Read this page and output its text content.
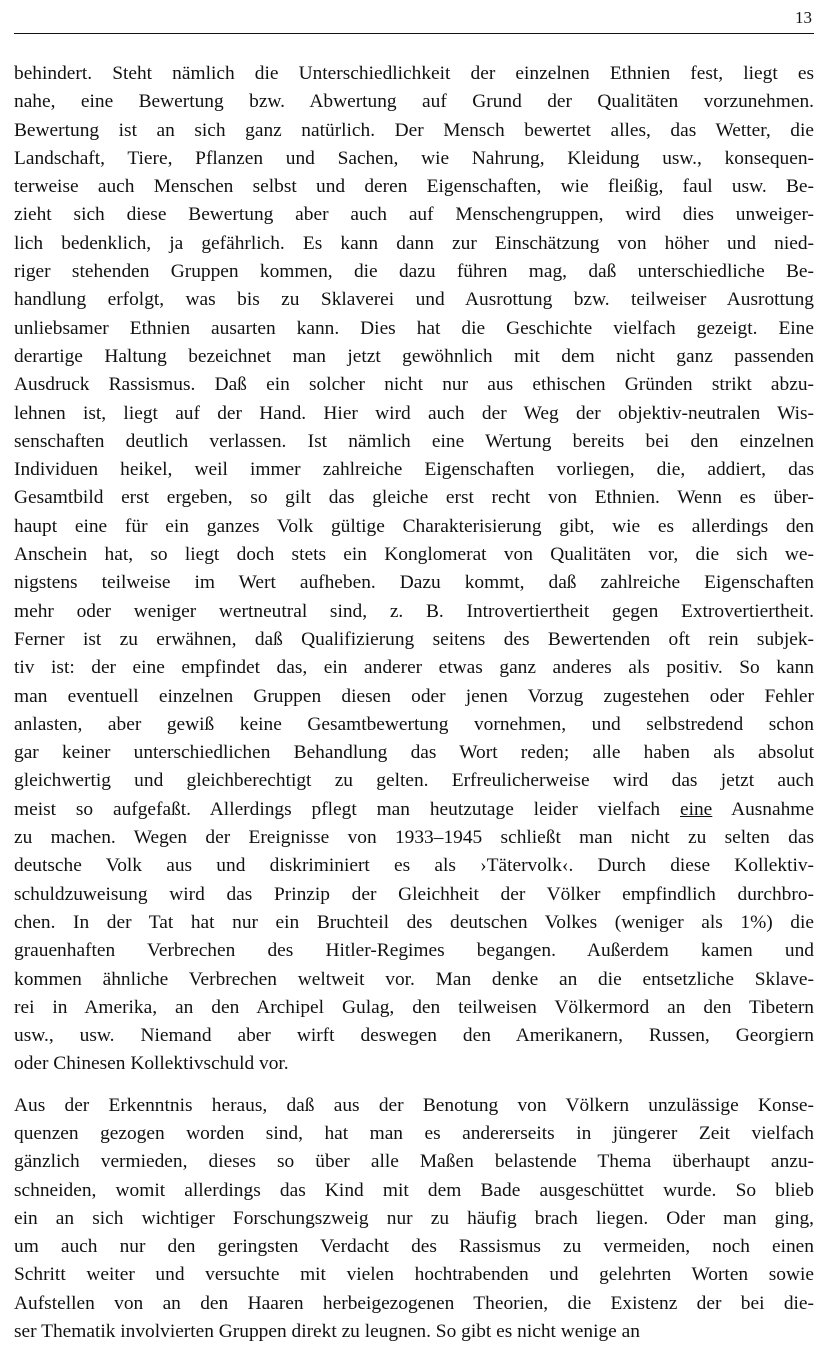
13
behindert. Steht nämlich die Unterschiedlichkeit der einzelnen Ethnien fest, liegt es
nahe, eine Bewertung bzw. Abwertung auf Grund der Qualitäten vorzunehmen.
Bewertung ist an sich ganz natürlich. Der Mensch bewertet alles, das Wetter, die
Landschaft, Tiere, Pflanzen und Sachen, wie Nahrung, Kleidung usw., konsequen-
terweise auch Menschen selbst und deren Eigenschaften, wie fleißig, faul usw. Be-
zieht sich diese Bewertung aber auch auf Menschengruppen, wird dies unweiger-
lich bedenklich, ja gefährlich. Es kann dann zur Einschätzung von höher und nied-
riger stehenden Gruppen kommen, die dazu führen mag, daß unterschiedliche Be-
handlung erfolgt, was bis zu Sklaverei und Ausrottung bzw. teilweiser Ausrottung
unliebsamer Ethnien ausarten kann. Dies hat die Geschichte vielfach gezeigt. Eine
derartige Haltung bezeichnet man jetzt gewöhnlich mit dem nicht ganz passenden
Ausdruck Rassismus. Daß ein solcher nicht nur aus ethischen Gründen strikt abzu-
lehnen ist, liegt auf der Hand. Hier wird auch der Weg der objektiv-neutralen Wis-
senschaften deutlich verlassen. Ist nämlich eine Wertung bereits bei den einzelnen
Individuen heikel, weil immer zahlreiche Eigenschaften vorliegen, die, addiert, das
Gesamtbild erst ergeben, so gilt das gleiche erst recht von Ethnien. Wenn es über-
haupt eine für ein ganzes Volk gültige Charakterisierung gibt, wie es allerdings den
Anschein hat, so liegt doch stets ein Konglomerat von Qualitäten vor, die sich we-
nigstens teilweise im Wert aufheben. Dazu kommt, daß zahlreiche Eigenschaften
mehr oder weniger wertneutral sind, z. B. Introvertiertheit gegen Extrovertiertheit.
Ferner ist zu erwähnen, daß Qualifizierung seitens des Bewertenden oft rein subjek-
tiv ist: der eine empfindet das, ein anderer etwas ganz anderes als positiv. So kann
man eventuell einzelnen Gruppen diesen oder jenen Vorzug zugestehen oder Fehler
anlasten, aber gewiß keine Gesamtbewertung vornehmen, und selbstredend schon
gar keiner unterschiedlichen Behandlung das Wort reden; alle haben als absolut
gleichwertig und gleichberechtigt zu gelten. Erfreulicherweise wird das jetzt auch
meist so aufgefaßt. Allerdings pflegt man heutzutage leider vielfach eine Ausnahme
zu machen. Wegen der Ereignisse von 1933–1945 schließt man nicht zu selten das
deutsche Volk aus und diskriminiert es als ›Tätervolk‹. Durch diese Kollektiv-
schuldzuweisung wird das Prinzip der Gleichheit der Völker empfindlich durchbro-
chen. In der Tat hat nur ein Bruchteil des deutschen Volkes (weniger als 1%) die
grauenhaften Verbrechen des Hitler-Regimes begangen. Außerdem kamen und
kommen ähnliche Verbrechen weltweit vor. Man denke an die entsetzliche Sklave-
rei in Amerika, an den Archipel Gulag, den teilweisen Völkermord an den Tibetern
usw., usw. Niemand aber wirft deswegen den Amerikanern, Russen, Georgiern
oder Chinesen Kollektivschuld vor.
Aus der Erkenntnis heraus, daß aus der Benotung von Völkern unzulässige Konse-
quenzen gezogen worden sind, hat man es andererseits in jüngerer Zeit vielfach
gänzlich vermieden, dieses so über alle Maßen belastende Thema überhaupt anzu-
schneiden, womit allerdings das Kind mit dem Bade ausgeschüttet wurde. So blieb
ein an sich wichtiger Forschungszweig nur zu häufig brach liegen. Oder man ging,
um auch nur den geringsten Verdacht des Rassismus zu vermeiden, noch einen
Schritt weiter und versuchte mit vielen hochtrabenden und gelehrten Worten sowie
Aufstellen von an den Haaren herbeigezogenen Theorien, die Existenz der bei die-
ser Thematik involvierten Gruppen direkt zu leugnen. So gibt es nicht wenige an
